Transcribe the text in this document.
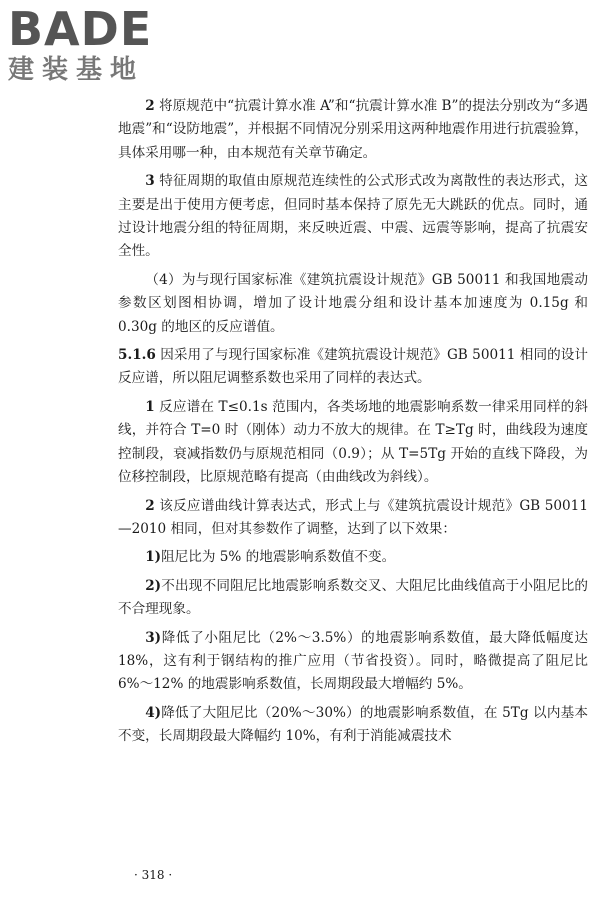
BADE
建装基地

2 将原规范中“抗震计算水准 A”和“抗震计算水准 B”的提法分别改为“多遇地震”和“设防地震”，并根据不同情况分别采用这两种地震作用进行抗震验算，具体采用哪一种，由本规范有关章节确定。

3 特征周期的取值由原规范连续性的公式形式改为离散性的表达形式，这主要是出于使用方便考虑，但同时基本保持了原先无大跳跃的优点。同时，通过设计地震分组的特征周期，来反映近震、中震、远震等影响，提高了抗震安全性。

（4）为与现行国家标准《建筑抗震设计规范》GB 50011 和我国地震动参数区划图相协调，增加了设计地震分组和设计基本加速度为 0.15g 和 0.30g 的地区的反应谱值。

5.1.6 因采用了与现行国家标准《建筑抗震设计规范》GB 50011 相同的设计反应谱，所以阻尼调整系数也采用了同样的表达式。

1 反应谱在 T≤0.1s 范围内，各类场地的地震影响系数一律采用同样的斜线，并符合 T=0 时（刚体）动力不放大的规律。在 T≥Tg 时，曲线段为速度控制段，衰减指数仍与原规范相同（0.9）；从 T=5Tg 开始的直线下降段，为位移控制段，比原规范略有提高（由曲线改为斜线）。

2 该反应谱曲线计算表达式，形式上与《建筑抗震设计规范》GB 50011—2010 相同，但对其参数作了调整，达到了以下效果：

1)阻尼比为 5% 的地震影响系数值不变。

2)不出现不同阻尼比地震影响系数交叉、大阻尼比曲线值高于小阻尼比的不合理现象。

3)降低了小阻尼比（2%～3.5%）的地震影响系数值，最大降低幅度达 18%，这有利于钢结构的推广应用（节省投资）。同时，略微提高了阻尼比 6%～12% 的地震影响系数值，长周期段最大增幅约 5%。

4)降低了大阻尼比（20%～30%）的地震影响系数值，在 5Tg 以内基本不变，长周期段最大降幅约 10%，有利于消能减震技术

· 318 ·
